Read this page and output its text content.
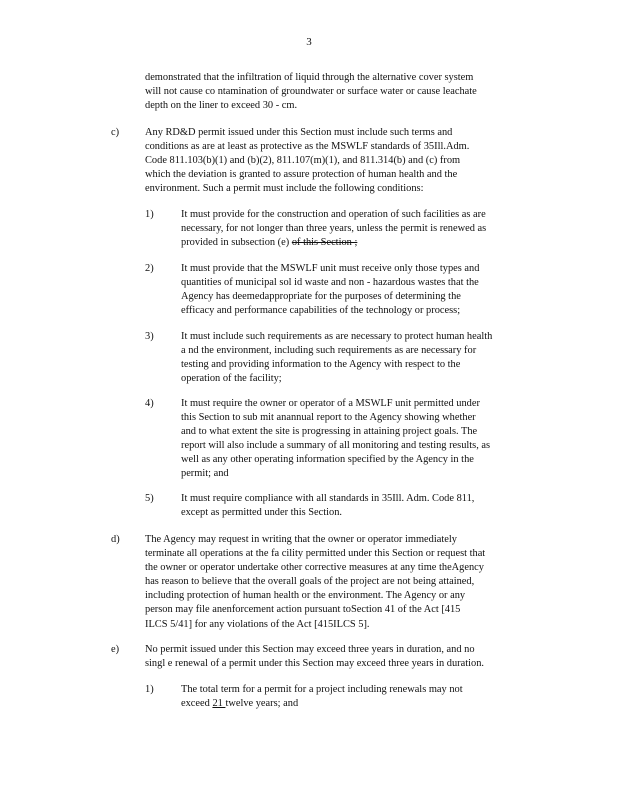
3

demonstrated that the infiltration of liquid through the alternative cover system

will not cause co ntamination of groundwater or surface water or cause leachate

depth on the liner to exceed 30 - cm.

c) Any RD&D permit issued under this Section must include such terms and

conditions as are at least as protective as the MSWLF standards of 35Ill.Adm.

Code 811.103(b)(1) and (b)(2), 811.107(m)(1), and 811.314(b) and (c) from

which the deviation is granted to assure protection of human health and the

environment. Such a permit must include the following conditions:

1)	It must provide for the construction and operation of such facilities as are

necessary, for not longer than three years, unless the permit is renewed as

provided in subsection (e) of this Section ;

2)	It must provide that the MSWLF unit must receive only those types and

quantities of municipal sol id waste and non - hazardous wastes that the

Agency has deemedappropriate for the purposes of determining the

efficacy and performance capabilities of the technology or process;

3)	It must include such requirements as are necessary to protect human health

a nd the environment, including such requirements as are necessary for

testing and providing information to the Agency with respect to the

operation of the facility;

4)	It must require the owner or operator of a MSWLF unit permitted under

this Section to sub mit anannual report to the Agency showing whether

and to what extent the site is progressing in attaining project goals. The

report will also include a summary of all monitoring and testing results, as

well as any other operating information specified by the Agency in the

permit; and

5)	It must require compliance with all standards in 35Ill. Adm. Code 811,

except as permitted under this Section.

d) The Agency may request in writing that the owner or operator immediately

terminate all operations at the fa cility permitted under this Section or request that

the owner or operator undertake other corrective measures at any time theAgency

has reason to believe that the overall goals of the project are not being attained,

including protection of human health or the environment. The Agency or any

person may file anenforcement action pursuant toSection 41 of the Act [415

ILCS 5/41] for any violations of the Act [415ILCS 5].

e) No permit issued under this Section may exceed three years in duration, and no

singl e renewal of a permit under this Section may exceed three years in duration.

1)	The total term for a permit for a project including renewals may not

exceed 21 twelve years; and
